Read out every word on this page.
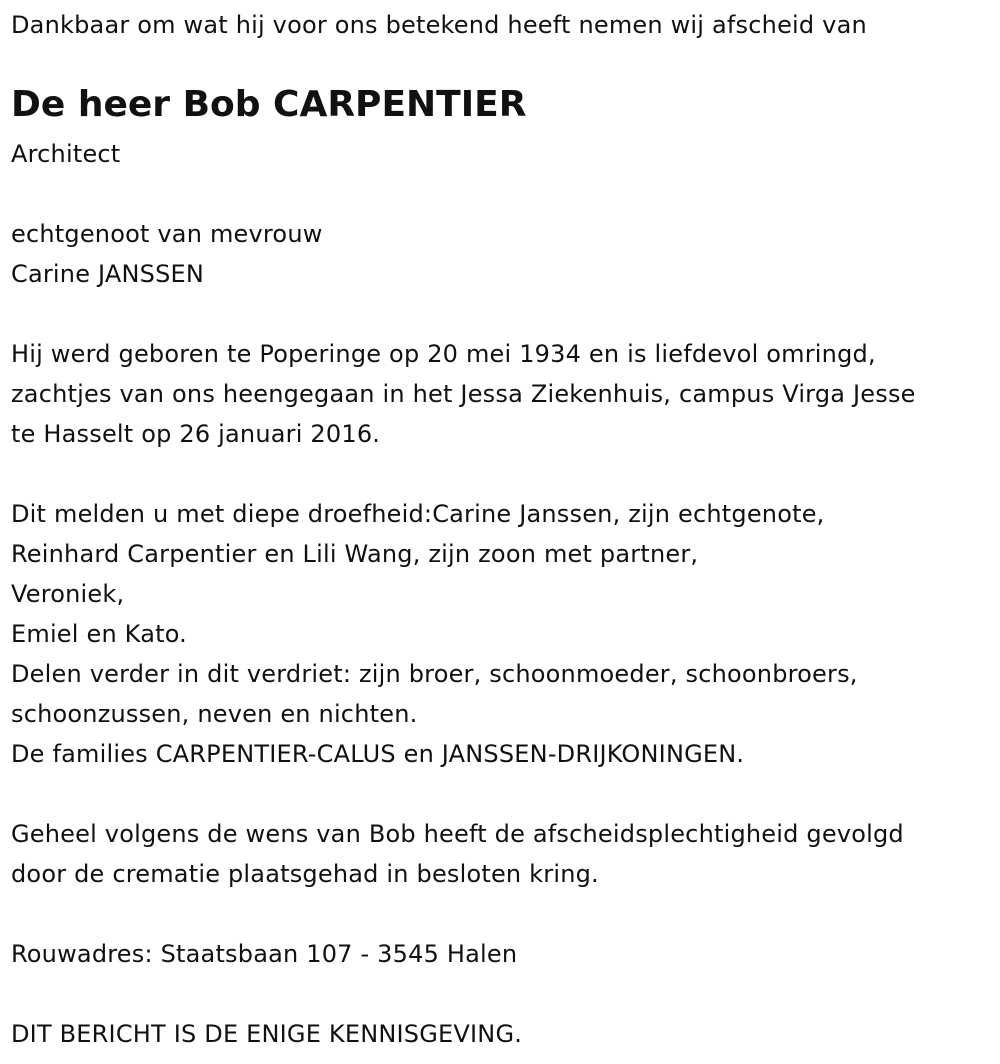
Dankbaar om wat hij voor ons betekend heeft nemen wij afscheid van
De heer Bob CARPENTIER
Architect
echtgenoot van mevrouw
Carine JANSSEN
Hij werd geboren te Poperinge op 20 mei 1934 en is liefdevol omringd,
zachtjes van ons heengegaan in het Jessa Ziekenhuis, campus Virga Jesse
te Hasselt op 26 januari 2016.
Dit melden u met diepe droefheid:Carine Janssen, zijn echtgenote,
Reinhard Carpentier en Lili Wang, zijn zoon met partner,
Veroniek,
Emiel en Kato.
Delen verder in dit verdriet: zijn broer, schoonmoeder, schoonbroers,
schoonzussen, neven en nichten.
De families CARPENTIER-CALUS en JANSSEN-DRIJKONINGEN.
Geheel volgens de wens van Bob heeft de afscheidsplechtigheid gevolgd
door de crematie plaatsgehad in besloten kring.
Rouwadres: Staatsbaan 107 - 3545 Halen
DIT BERICHT IS DE ENIGE KENNISGEVING.
